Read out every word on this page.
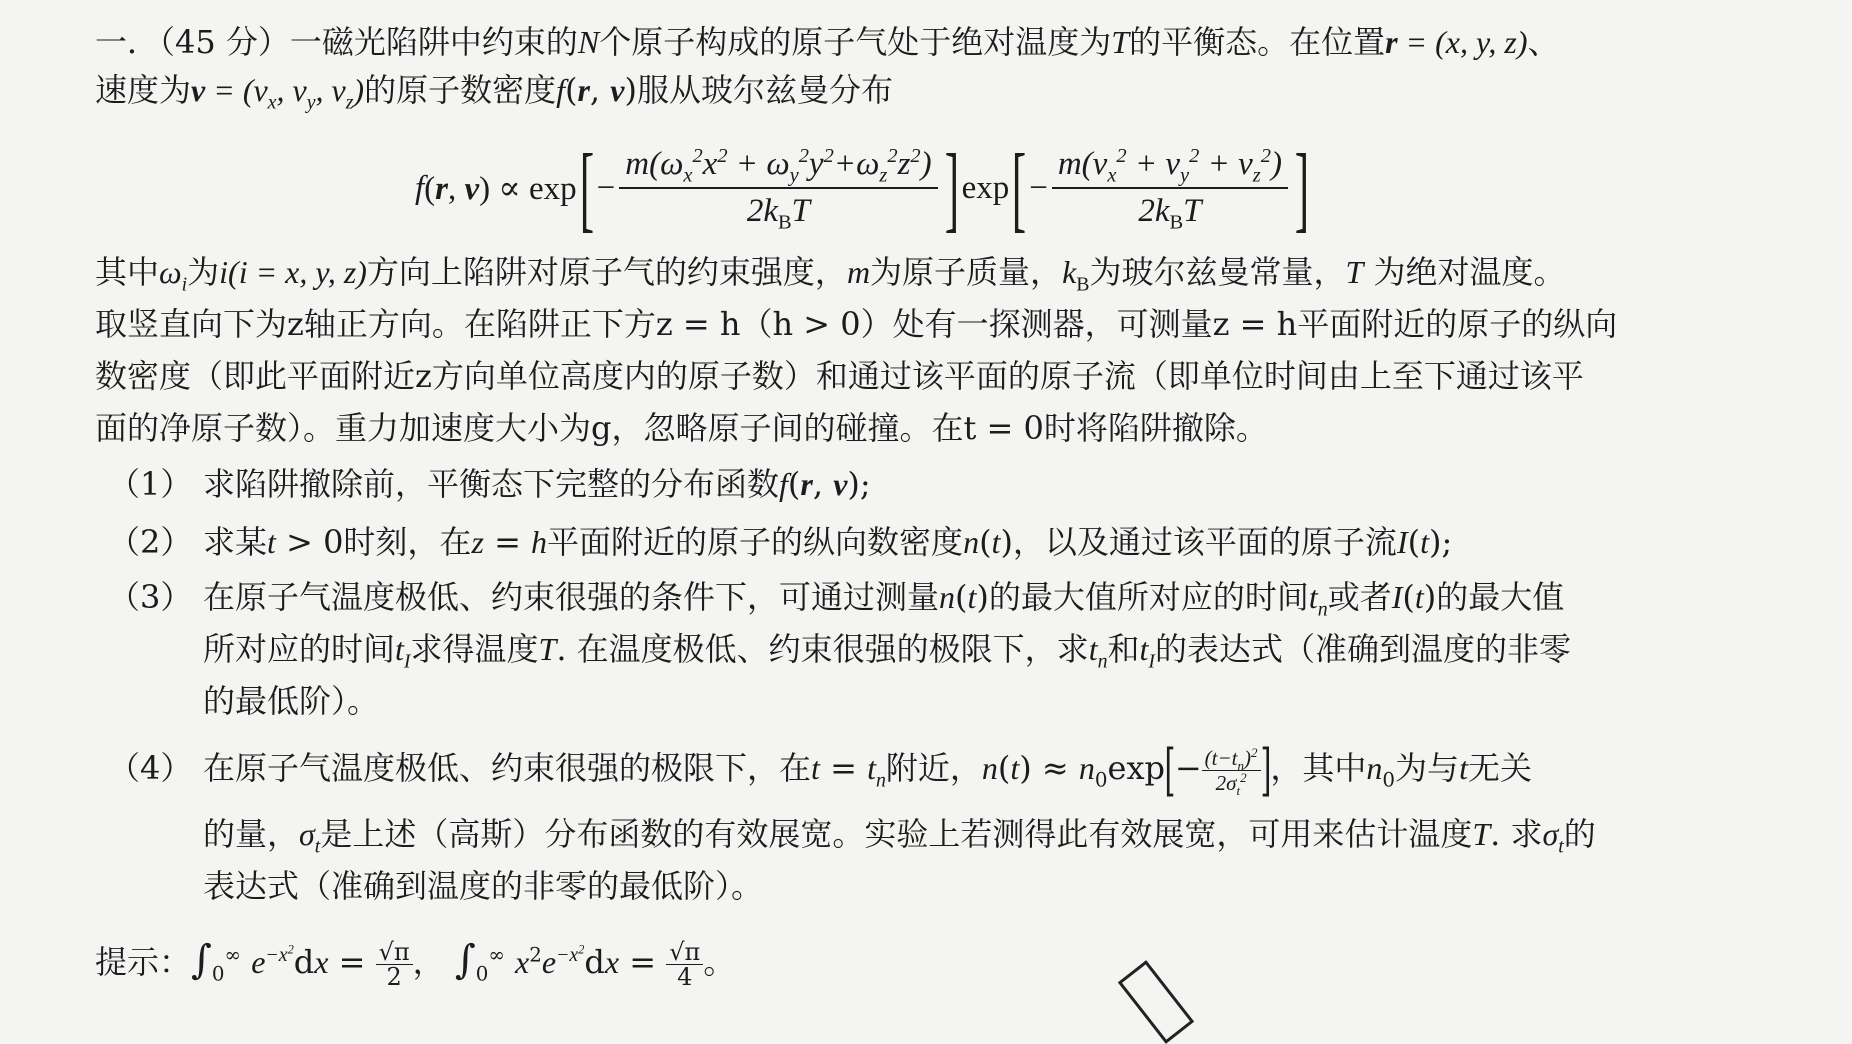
一．（45 分）一磁光陷阱中约束的N个原子构成的原子气处于绝对温度为T的平衡态。在位置r = (x, y, z)、
速度为$v = (v_x$, $v_y$, $v_z$)的原子数密度f(r, v)服从玻尔兹曼分布
f(r, $v) \propto \exp[- \frac{m(\omega_x^2x^2 + \omega_y^2y^2+\omega_z^2z^2)}{2k_BT} ]\exp[- \frac{m(v_x^2 + v_y^2 + v_z^2)}{2k_BT}$ ]
其中$\omega_i$为i(i = x, y, z)方向上陷阱对原子气的约束强度，m为原子质量，$k_B$为玻尔兹曼常量，T 为绝对温度。
取竖直向下为z轴正方向。在陷阱正下方z = h（h > 0）处有一探测器，可测量z = h平面附近的原子的纵向
数密度（即此平面附近z方向单位高度内的原子数）和通过该平面的原子流（即单位时间由上至下通过该平
面的净原子数）。重力加速度大小为g，忽略原子间的碰撞。在t = 0时将陷阱撤除。
（1） 求陷阱撤除前，平衡态下完整的分布函数f(r, v);
（2） 求某t > 0时刻，在z = h平面附近的原子的纵向数密度n(t)，以及通过该平面的原子流I(t);
（3） 在原子气温度极低、约束很强的条件下，可通过测量n(t)的最大值所对应的时间$t_n$或者I(t)的最大值
所对应的时间$t_I$求得温度T. 在温度极低、约束很强的极限下，求$t_n$和$t_I$的表达式（准确到温度的非零
的最低阶）。
（4） 在原子气温度极低、约束很强的极限下，在$t = t_n$附近，$n(t) \approx n_0\exp[- \frac{(t-t_n)^2}{2\sigma_t^2}]$，其中$n_0$为与t无关
的量，$\sigma_t$是上述（高斯）分布函数的有效展宽。实验上若测得此有效展宽，可用来估计温度T. 求$\sigma_t$的
表达式（准确到温度的非零的最低阶）。
提示：$\int_0^\infty$ $e^{-x^2}dx = \frac{√\pi}{2}$， $\int_0^\infty$ $x^2e^{-x^2}dx = \frac{√\pi}{4}$。
